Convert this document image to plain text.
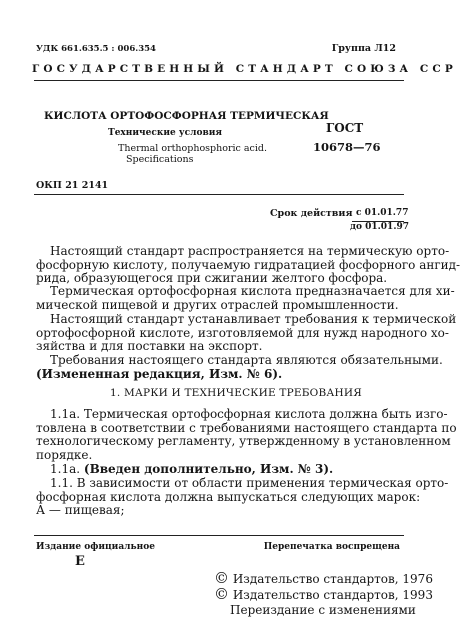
УДК 661.635.5 : 006.354	Группа Л12
ГОСУДАРСТВЕННЫЙ СТАНДАРТ СОЮЗА ССР
КИСЛОТА ОРТОФОСФОРНАЯ ТЕРМИЧЕСКАЯ
Технические условия
Thermal orthophosphoric acid.
Specifications
ГОСТ
10678—76
ОКП 21 2141
Срок действия с 01.01.77
до 01.01.97
Настоящий стандарт распространяется на термическую орто-
фосфорную кислоту, получаемую гидратацией фосфорного ангид-
рида, образующегося при сжигании желтого фосфора.
Термическая ортофосфорная кислота предназначается для хи-
мической пищевой и других отраслей промышленности.
Настоящий стандарт устанавливает требования к термической
ортофосфорной кислоте, изготовляемой для нужд народного хо-
зяйства и для поставки на экспорт.
Требования настоящего стандарта являются обязательными.
(Измененная редакция, Изм. № 6).
1. МАРКИ И ТЕХНИЧЕСКИЕ ТРЕБОВАНИЯ
1.1a. Термическая ортофосфорная кислота должна быть изго-
товлена в соответствии с требованиями настоящего стандарта по
технологическому регламенту, утвержденному в установленном
порядке.
1.1а. (Введен дополнительно, Изм. № 3).
1.1. В зависимости от области применения термическая орто-
фосфорная кислота должна выпускаться следующих марок:
А — пищевая;
Издание официальное	Перепечатка воспрещена
Е
© Издательство стандартов, 1976
© Издательство стандартов, 1993
Переиздание с изменениями
